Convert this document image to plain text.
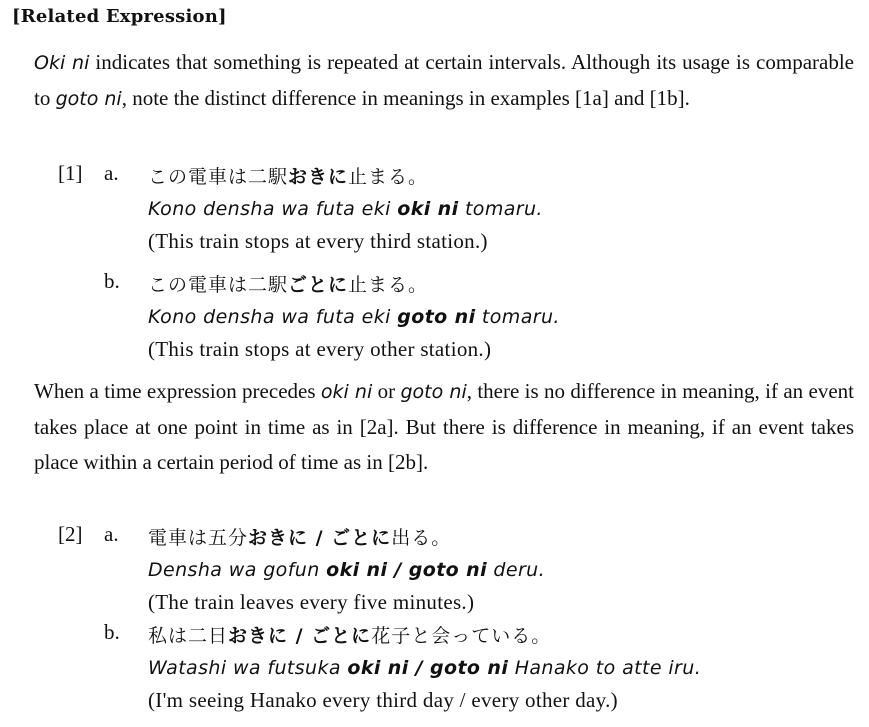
[Related Expression]
Oki ni indicates that something is repeated at certain intervals. Although its usage is comparable to goto ni, note the distinct difference in meanings in examples [1a] and [1b].
[1] a. この電車は二駅おきに止まる。
Kono densha wa futa eki oki ni tomaru.
(This train stops at every third station.)
b. この電車は二駅ごとに止まる。
Kono densha wa futa eki goto ni tomaru.
(This train stops at every other station.)
When a time expression precedes oki ni or goto ni, there is no difference in meaning, if an event takes place at one point in time as in [2a]. But there is difference in meaning, if an event takes place within a certain period of time as in [2b].
[2] a. 電車は五分おきに / ごとに出る。
Densha wa gofun oki ni / goto ni deru.
(The train leaves every five minutes.)
b. 私は二日おきに / ごとに花子と会っている。
Watashi wa futsuka oki ni / goto ni Hanako to atte iru.
(I'm seeing Hanako every third day / every other day.)
